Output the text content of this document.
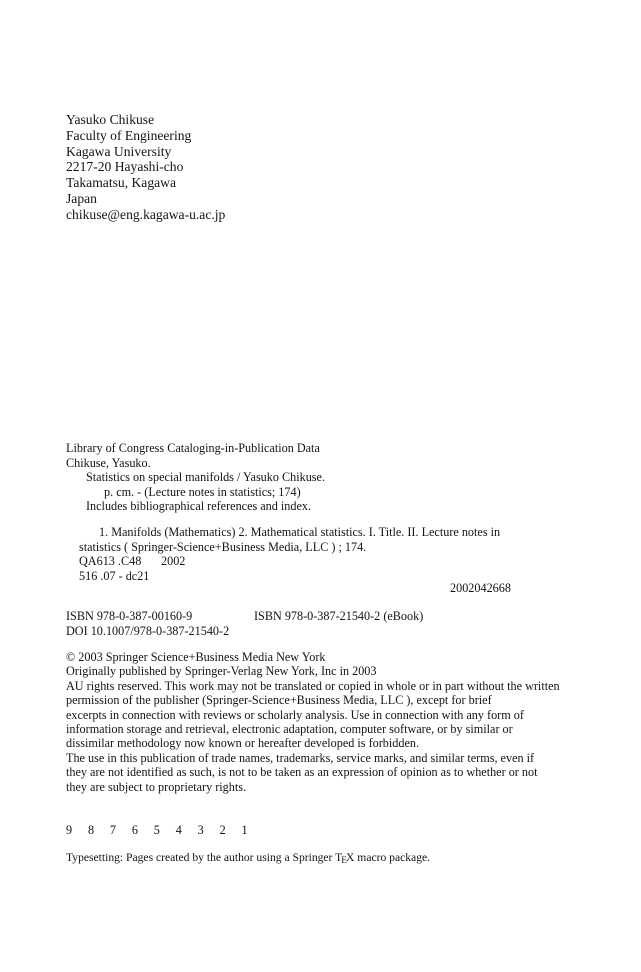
Yasuko Chikuse
Faculty of Engineering
Kagawa University
2217-20 Hayashi-cho
Takamatsu, Kagawa
Japan
chikuse@eng.kagawa-u.ac.jp
Library of Congress Cataloging-in-Publication Data
Chikuse, Yasuko.
Statistics on special manifolds / Yasuko Chikuse.
p. cm. - (Lecture notes in statistics; 174)
Includes bibliographical references and index.
1. Manifolds (Mathematics) 2. Mathematical statistics. I. Title. II. Lecture notes in
statistics ( Springer-Science+Business Media, LLC ) ; 174.
QA613 .C48 2002
516 .07 - dc21
2002042668
ISBN 978-0-387-00160-9	ISBN 978-0-387-21540-2 (eBook)
DOI 10.1007/978-0-387-21540-2
© 2003 Springer Science+Business Media New York
Originally published by Springer-Verlag New York, Inc in 2003
AU rights reserved. This work may not be translated or copied in whole or in part without the written
permission of the publisher (Springer-Science+Business Media, LLC ), except for brief
excerpts in connection with reviews or scholarly analysis. Use in connection with any form of
information storage and retrieval, electronic adaptation, computer software, or by similar or
dissimilar methodology now known or hereafter developed is forbidden.
The use in this publication of trade names, trademarks, service marks, and similar terms, even if
they are not identified as such, is not to be taken as an expression of opinion as to whether or not
they are subject to proprietary rights.
9 8 7 6 5 4 3 2 1
Typesetting: Pages created by the author using a Springer TEX macro package.
